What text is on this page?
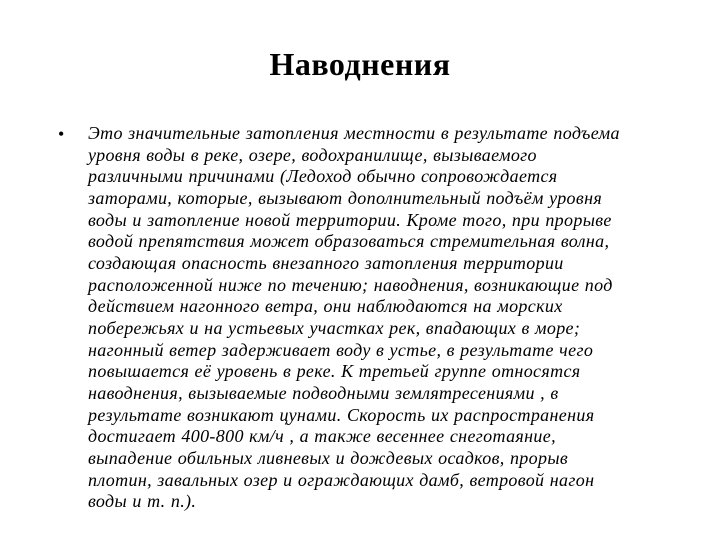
Наводнения
• Это значительные затопления местности в результате подъема
уровня воды в реке, озере, водохранилище, вызываемого
различными причинами (Ледоход обычно сопровождается
заторами, которые, вызывают дополнительный подъём уровня
воды и затопление новой территории. Кроме того, при прорыве
водой препятствия может образоваться стремительная волна,
создающая опасность внезапного затопления территории
расположенной ниже по течению; наводнения, возникающие под
действием нагонного ветра, они наблюдаются на морских
побережьях и на устьевых участках рек, впадающих в море;
нагонный ветер задерживает воду в устье, в результате чего
повышается её уровень в реке. К третьей группе относятся
наводнения, вызываемые подводными землятресениями , в
результате возникают цунами. Скорость их распространения
достигает 400-800 км/ч , а также весеннее снеготаяние,
выпадение обильных ливневых и дождевых осадков, прорыв
плотин, завальных озер и ограждающих дамб, ветровой нагон
воды и т. п.).
